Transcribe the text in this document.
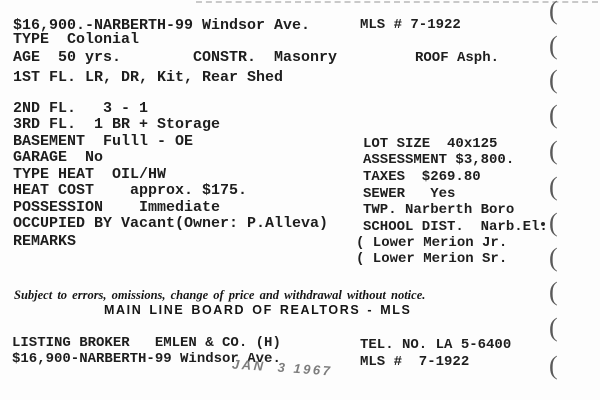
(
(
(
(
(
(
(
(
(
(
(
$16,900.-NARBERTH-99 Windsor Ave.	MLS # 7-1922
TYPE  Colonial
AGE  50 yrs.        CONSTR.  Masonry	ROOF Asph.
1ST FL. LR, DR, Kit, Rear Shed
2ND FL.   3 - 1
3RD FL.  1 BR + Storage
BASEMENT  Fulll - OE
GARAGE  No
TYPE HEAT  OIL/HW
HEAT COST    approx. $175.
POSSESSION    Immediate
OCCUPIED BY Vacant(Owner: P.Alleva)
REMARKS
LOT SIZE  40x125
ASSESSMENT $3,800.
TAXES  $269.80
SEWER   Yes
TWP. Narberth Boro
SCHOOL DIST.  Narb.El.
( Lower Merion Jr.
( Lower Merion Sr.
Subject to errors, omissions, change of price and withdrawal without notice.
MAIN LINE BOARD OF REALTORS - MLS
LISTING BROKER   EMLEN & CO. (H)
$16,900-NARBERTH-99 Windsor Ave.
JAN  3 1967
TEL. NO. LA 5-6400
MLS #  7-1922
